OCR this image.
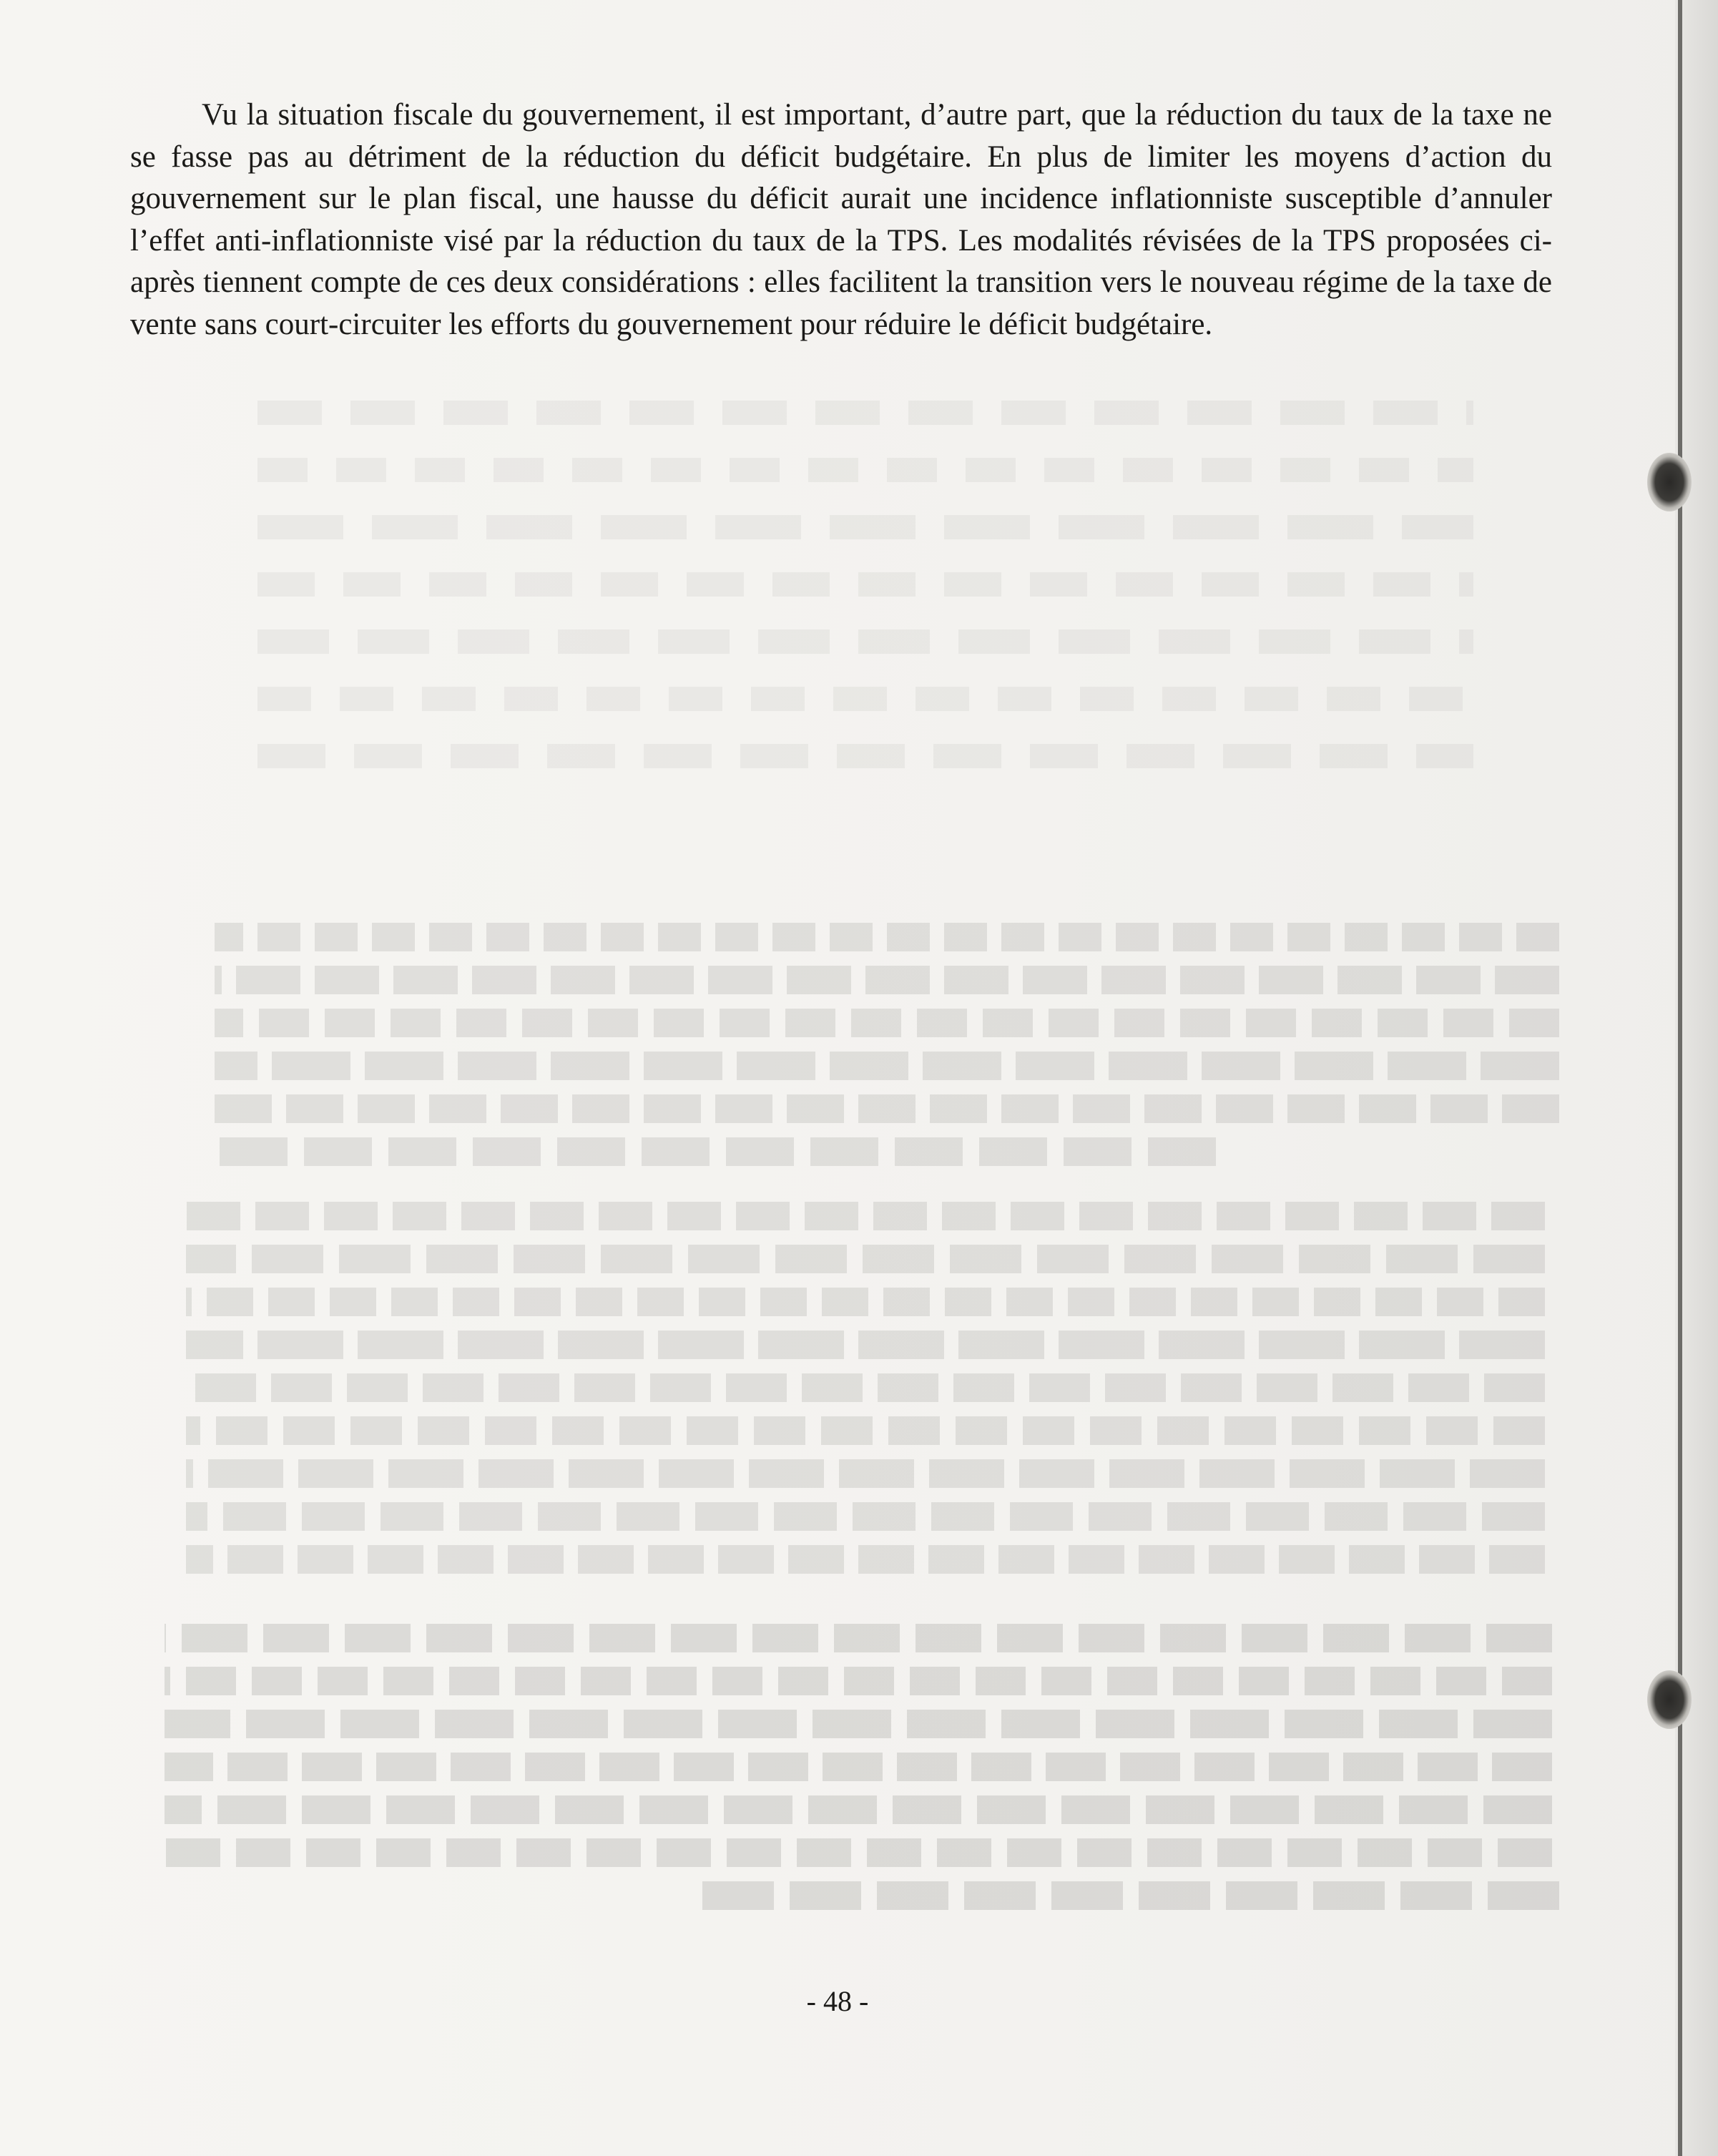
Vu la situation fiscale du gouvernement, il est important, d’autre part, que la réduction du taux de la taxe ne se fasse pas au détriment de la réduction du déficit budgétaire. En plus de limiter les moyens d’action du gouvernement sur le plan fiscal, une hausse du déficit aurait une incidence inflationniste susceptible d’annuler l’effet anti-inflationniste visé par la réduction du taux de la TPS. Les modalités révisées de la TPS proposées ci-après tiennent compte de ces deux considérations : elles facilitent la transition vers le nouveau régime de la taxe de vente sans court-circuiter les efforts du gouvernement pour réduire le déficit budgétaire.

- 48 -
